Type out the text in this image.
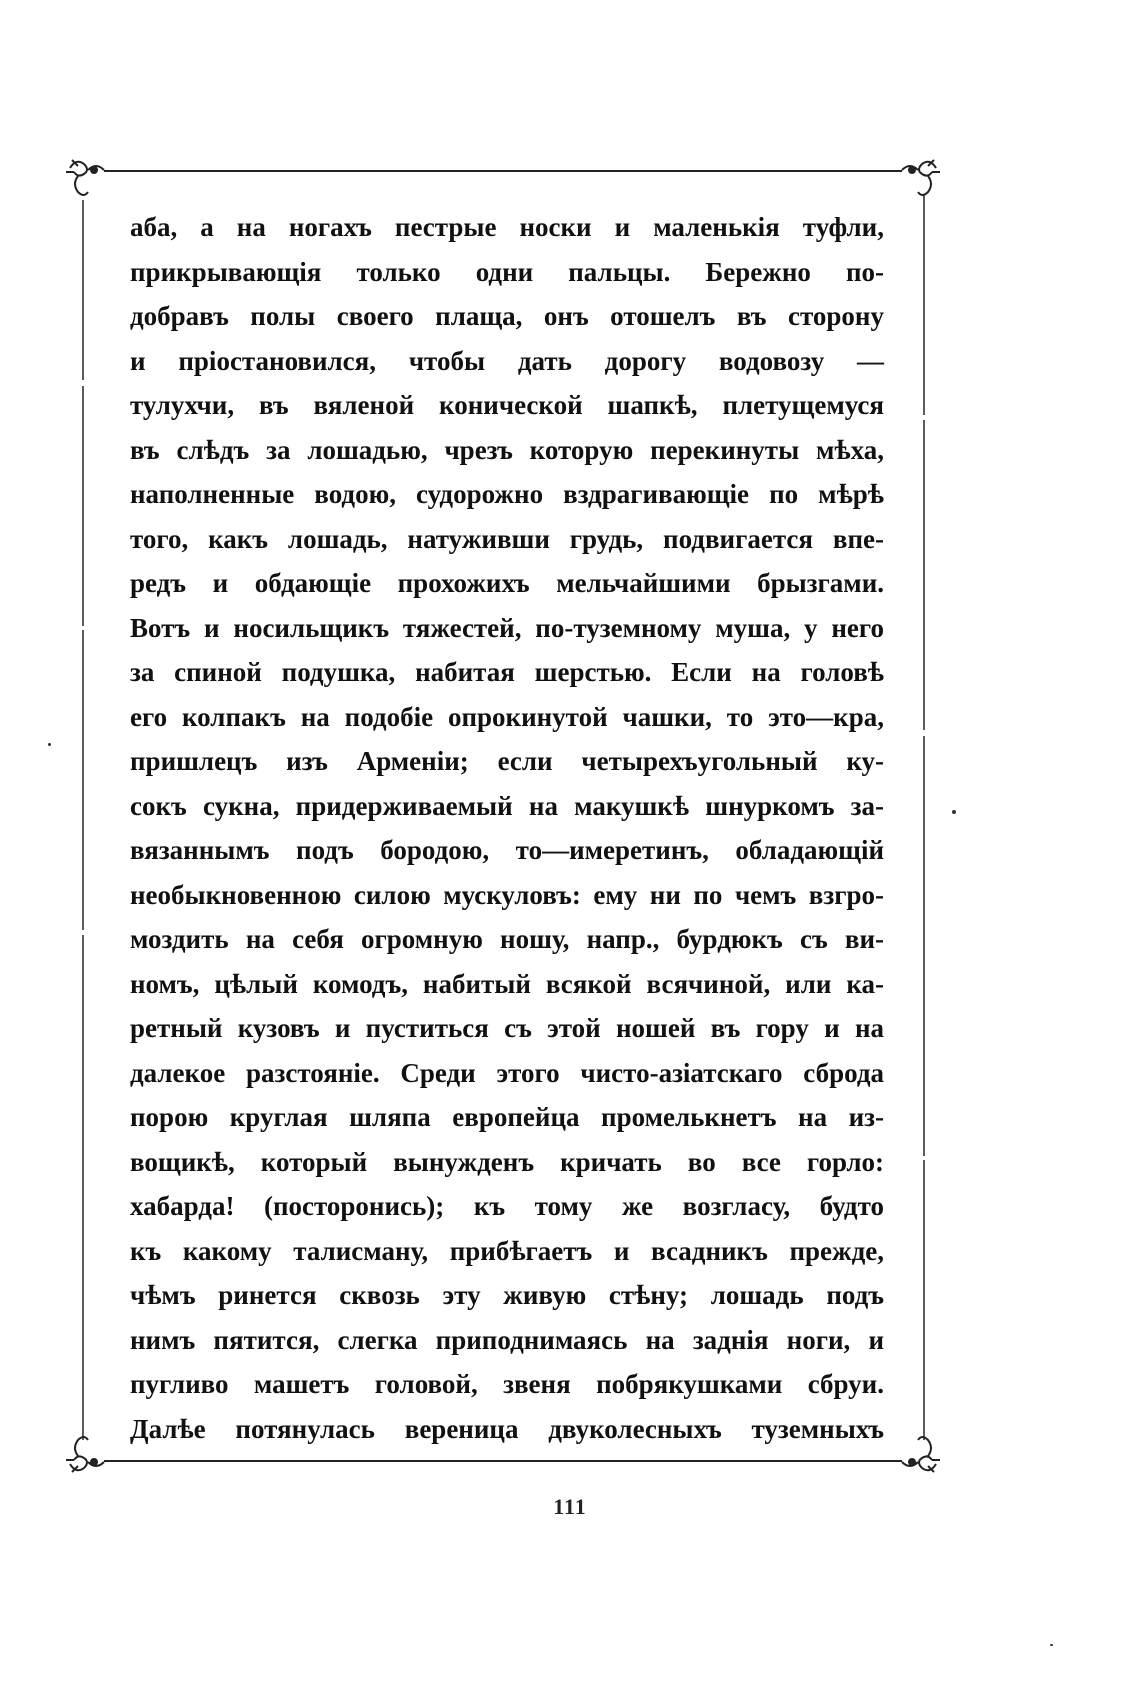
аба, а на ногахъ пестрые носки и маленькія туфли,
прикрывающія только одни пальцы. Бережно по-
добравъ полы своего плаща, онъ отошелъ въ сторону
и пріостановился, чтобы дать дорогу водовозу —
тулухчи, въ вяленой конической шапкѣ, плетущемуся
въ слѣдъ за лошадью, чрезъ которую перекинуты мѣха,
наполненные водою, судорожно вздрагивающіе по мѣрѣ
того, какъ лошадь, натуживши грудь, подвигается впе-
редъ и обдающіе прохожихъ мельчайшими брызгами.
Вотъ и носильщикъ тяжестей, по-туземному муша, у него
за спиной подушка, набитая шерстью. Если на головѣ
его колпакъ на подобіе опрокинутой чашки, то это—кра,
пришлецъ изъ Арменіи; если четырехъугольный ку-
сокъ сукна, придерживаемый на макушкѣ шнуркомъ за-
вязаннымъ подъ бородою, то—имеретинъ, обладающій
необыкновенною силою мускуловъ: ему ни по чемъ взгро-
моздить на себя огромную ношу, напр., бурдюкъ съ ви-
номъ, цѣлый комодъ, набитый всякой всячиной, или ка-
ретный кузовъ и пуститься съ этой ношей въ гору и на
далекое разстояніе. Среди этого чисто-азіатскаго сброда
порою круглая шляпа европейца промелькнетъ на из-
вощикѣ, который вынужденъ кричать во все горло:
хабарда! (посторонись); къ тому же возгласу, будто
къ какому талисману, прибѣгаетъ и всадникъ прежде,
чѣмъ ринется сквозь эту живую стѣну; лошадь подъ
нимъ пятится, слегка приподнимаясь на заднія ноги, и
пугливо машетъ головой, звеня побрякушками сбруи.
Далѣе потянулась вереница двуколесныхъ туземныхъ
111
